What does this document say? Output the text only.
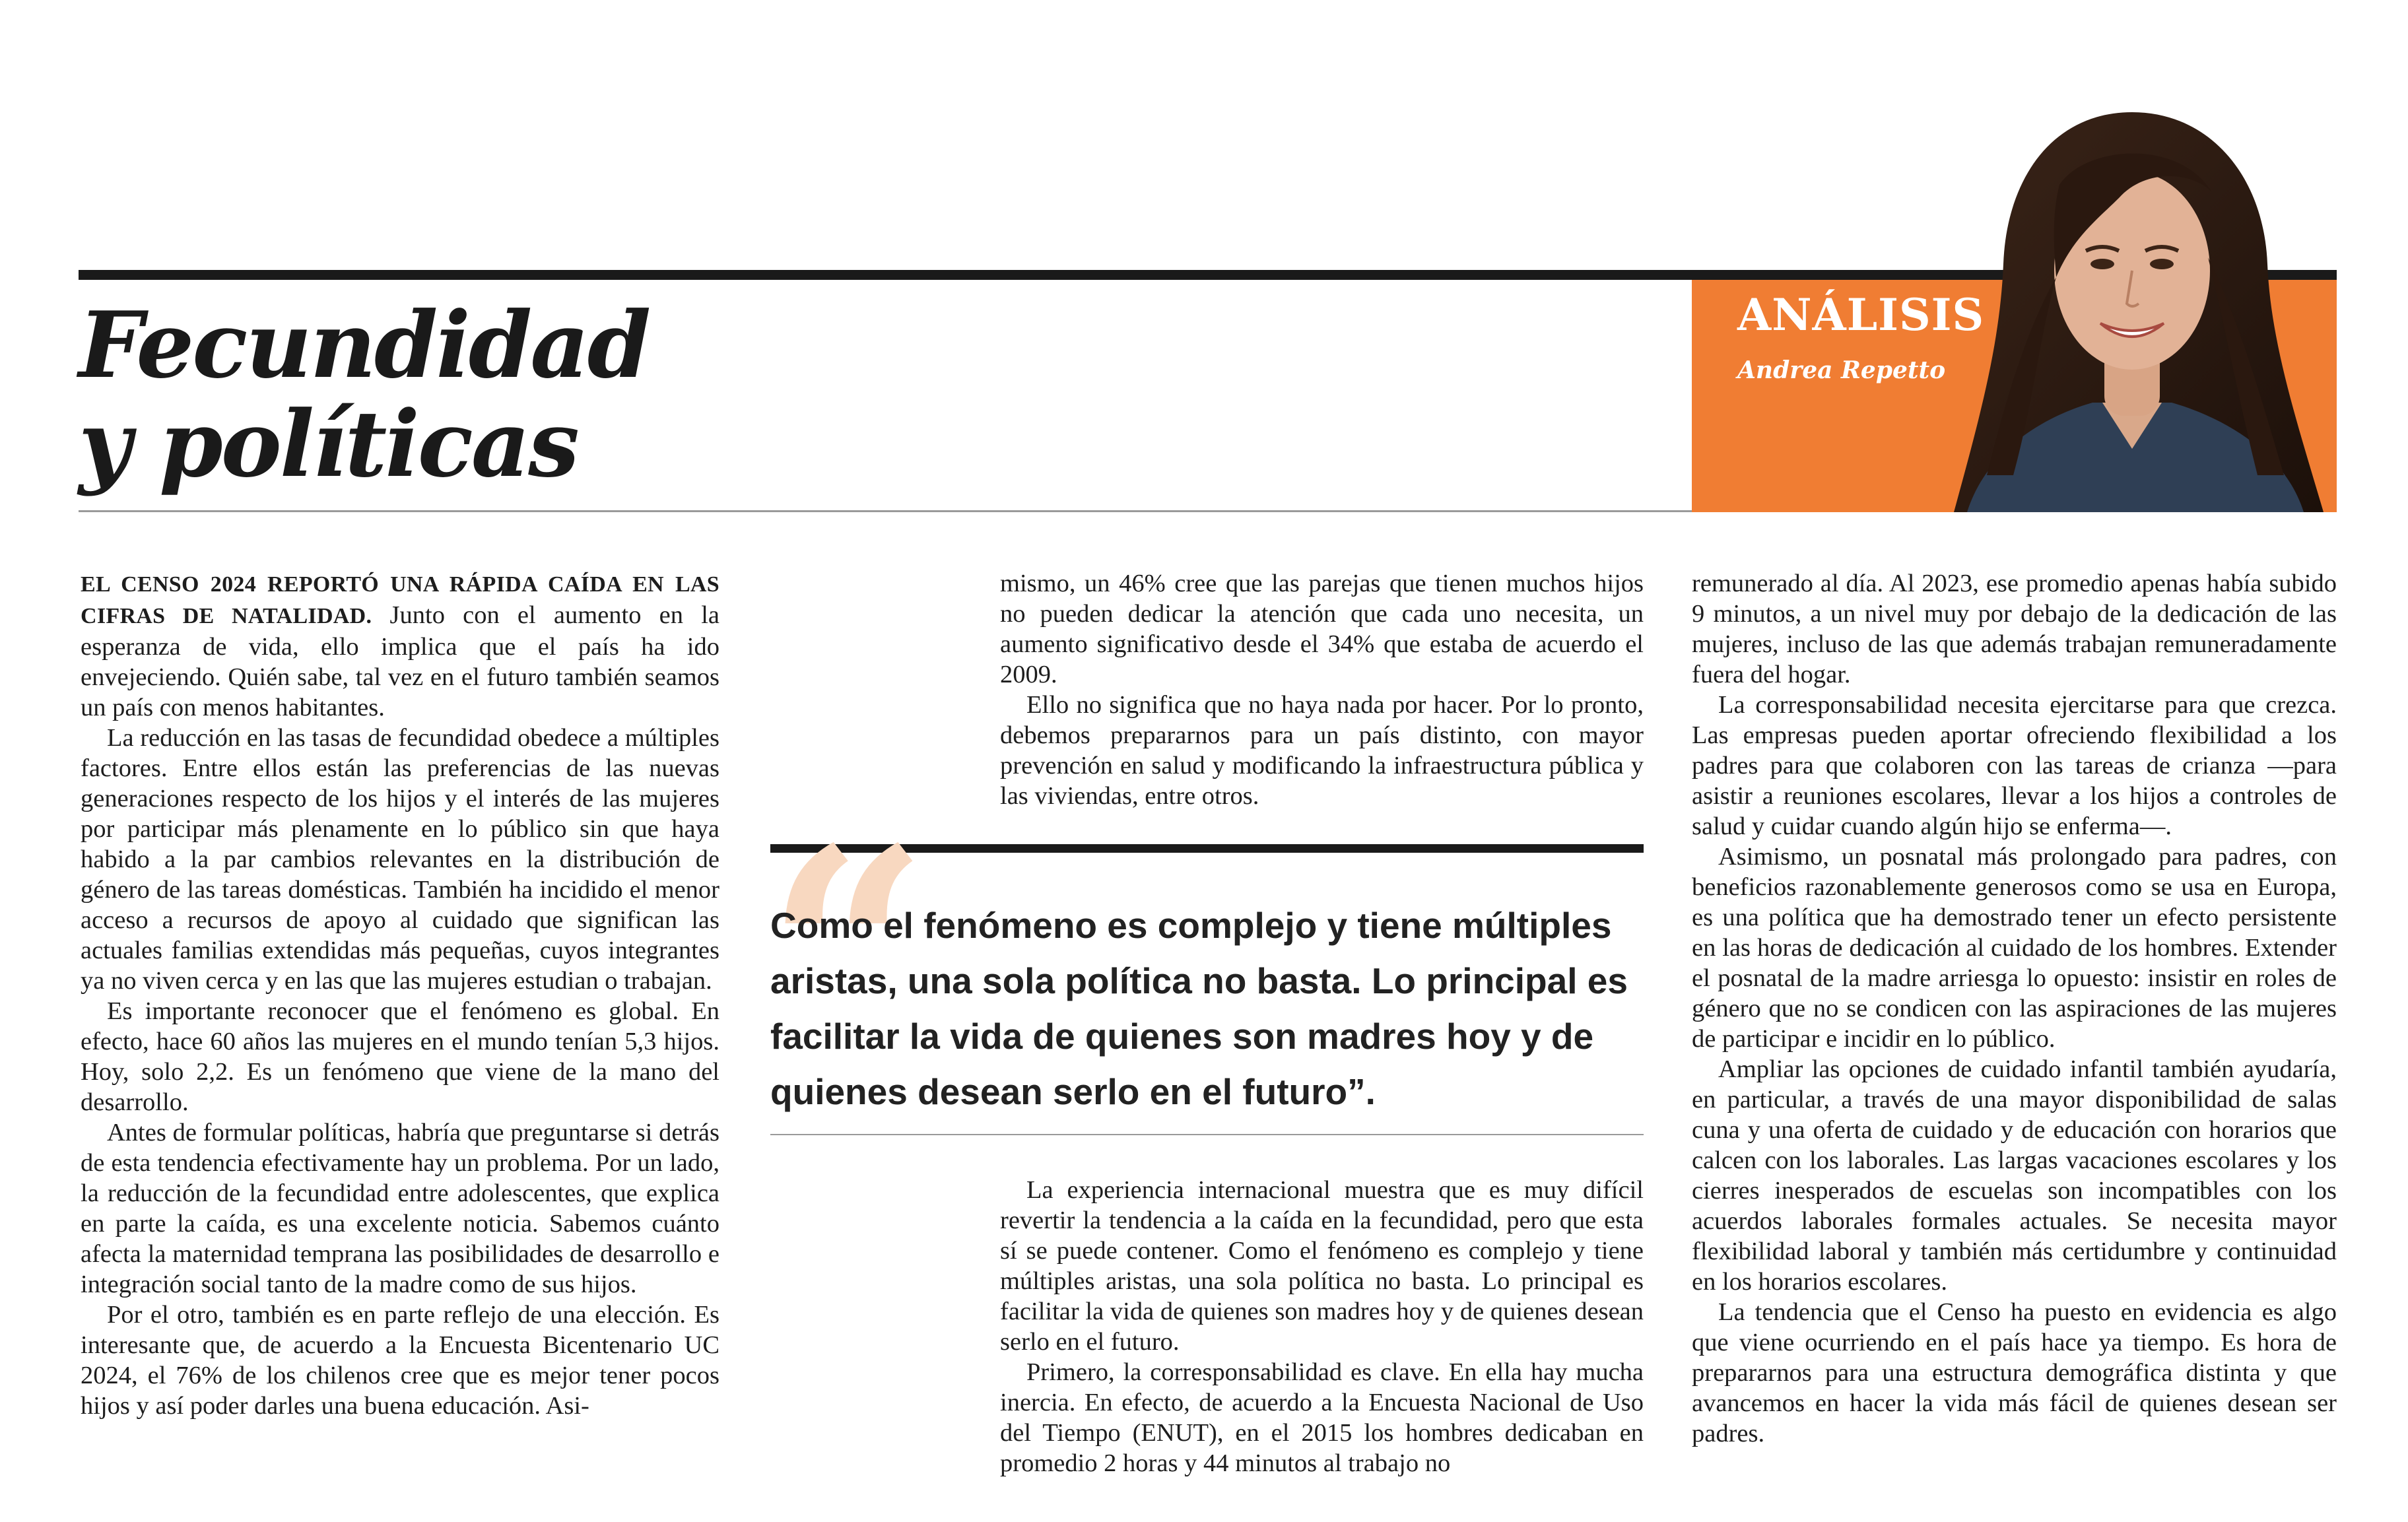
Fecundidad
y políticas
ANÁLISIS
Andrea Repetto

EL CENSO 2024 REPORTÓ UNA RÁPIDA CAÍDA EN LAS CIFRAS DE NATALIDAD. Junto con el aumento en la esperanza de vida, ello implica que el país ha ido envejeciendo. Quién sabe, tal vez en el futuro también seamos un país con menos habitantes.

La reducción en las tasas de fecundidad obedece a múltiples factores. Entre ellos están las preferencias de las nuevas generaciones respecto de los hijos y el interés de las mujeres por participar más plenamente en lo público sin que haya habido a la par cambios relevantes en la distribución de género de las tareas domésticas. También ha incidido el menor acceso a recursos de apoyo al cuidado que significan las actuales familias extendidas más pequeñas, cuyos integrantes ya no viven cerca y en las que las mujeres estudian o trabajan.

Es importante reconocer que el fenómeno es global. En efecto, hace 60 años las mujeres en el mundo tenían 5,3 hijos. Hoy, solo 2,2. Es un fenómeno que viene de la mano del desarrollo.

Antes de formular políticas, habría que preguntarse si detrás de esta tendencia efectivamente hay un problema. Por un lado, la reducción de la fecundidad entre adolescentes, que explica en parte la caída, es una excelente noticia. Sabemos cuánto afecta la maternidad temprana las posibilidades de desarrollo e integración social tanto de la madre como de sus hijos.

Por el otro, también es en parte reflejo de una elección. Es interesante que, de acuerdo a la Encuesta Bicentenario UC 2024, el 76% de los chilenos cree que es mejor tener pocos hijos y así poder darles una buena educación. Asi-

mismo, un 46% cree que las parejas que tienen muchos hijos no pueden dedicar la atención que cada uno necesita, un aumento significativo desde el 34% que estaba de acuerdo el 2009.

Ello no significa que no haya nada por hacer. Por lo pronto, debemos prepararnos para un país distinto, con mayor prevención en salud y modificando la infraestructura pública y las viviendas, entre otros.

“
Como el fenómeno es complejo y tiene múltiples aristas, una sola política no basta. Lo principal es facilitar la vida de quienes son madres hoy y de quienes desean serlo en el futuro”.

La experiencia internacional muestra que es muy difícil revertir la tendencia a la caída en la fecundidad, pero que esta sí se puede contener. Como el fenómeno es complejo y tiene múltiples aristas, una sola política no basta. Lo principal es facilitar la vida de quienes son madres hoy y de quienes desean serlo en el futuro.

Primero, la corresponsabilidad es clave. En ella hay mucha inercia. En efecto, de acuerdo a la Encuesta Nacional de Uso del Tiempo (ENUT), en el 2015 los hombres dedicaban en promedio 2 horas y 44 minutos al trabajo no

remunerado al día. Al 2023, ese promedio apenas había subido 9 minutos, a un nivel muy por debajo de la dedicación de las mujeres, incluso de las que además trabajan remuneradamente fuera del hogar.

La corresponsabilidad necesita ejercitarse para que crezca. Las empresas pueden aportar ofreciendo flexibilidad a los padres para que colaboren con las tareas de crianza —para asistir a reuniones escolares, llevar a los hijos a controles de salud y cuidar cuando algún hijo se enferma—.

Asimismo, un posnatal más prolongado para padres, con beneficios razonablemente generosos como se usa en Europa, es una política que ha demostrado tener un efecto persistente en las horas de dedicación al cuidado de los hombres. Extender el posnatal de la madre arriesga lo opuesto: insistir en roles de género que no se condicen con las aspiraciones de las mujeres de participar e incidir en lo público.

Ampliar las opciones de cuidado infantil también ayudaría, en particular, a través de una mayor disponibilidad de salas cuna y una oferta de cuidado y de educación con horarios que calcen con los laborales. Las largas vacaciones escolares y los cierres inesperados de escuelas son incompatibles con los acuerdos laborales formales actuales. Se necesita mayor flexibilidad laboral y también más certidumbre y continuidad en los horarios escolares.

La tendencia que el Censo ha puesto en evidencia es algo que viene ocurriendo en el país hace ya tiempo. Es hora de prepararnos para una estructura demográfica distinta y que avancemos en hacer la vida más fácil de quienes desean ser padres.
